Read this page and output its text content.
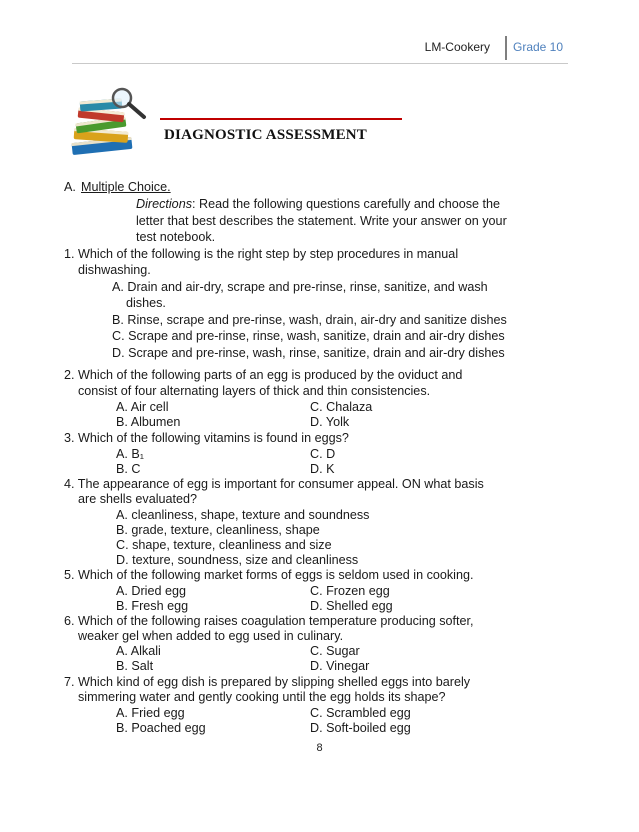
LM-Cookery Grade 10
DIAGNOSTIC ASSESSMENT
A. Multiple Choice.
Directions: Read the following questions carefully and choose the
letter that best describes the statement. Write your answer on your
test notebook.
1. Which of the following is the right step by step procedures in manual
dishwashing.
A. Drain and air-dry, scrape and pre-rinse, rinse, sanitize, and wash
dishes.
B. Rinse, scrape and pre-rinse, wash, drain, air-dry and sanitize dishes
C. Scrape and pre-rinse, rinse, wash, sanitize, drain and air-dry dishes
D. Scrape and pre-rinse, wash, rinse, sanitize, drain and air-dry dishes
2. Which of the following parts of an egg is produced by the oviduct and
consist of four alternating layers of thick and thin consistencies.
A. Air cell	C. Chalaza
B. Albumen	D. Yolk
3. Which of the following vitamins is found in eggs?
A. B₁	C. D
B. C	D. K
4. The appearance of egg is important for consumer appeal. ON what basis
are shells evaluated?
A. cleanliness, shape, texture and soundness
B. grade, texture, cleanliness, shape
C. shape, texture, cleanliness and size
D. texture, soundness, size and cleanliness
5. Which of the following market forms of eggs is seldom used in cooking.
A. Dried egg	C. Frozen egg
B. Fresh egg	D. Shelled egg
6. Which of the following raises coagulation temperature producing softer,
weaker gel when added to egg used in culinary.
A. Alkali	C. Sugar
B. Salt	D. Vinegar
7. Which kind of egg dish is prepared by slipping shelled eggs into barely
simmering water and gently cooking until the egg holds its shape?
A. Fried egg	C. Scrambled egg
B. Poached egg	D. Soft-boiled egg
8
